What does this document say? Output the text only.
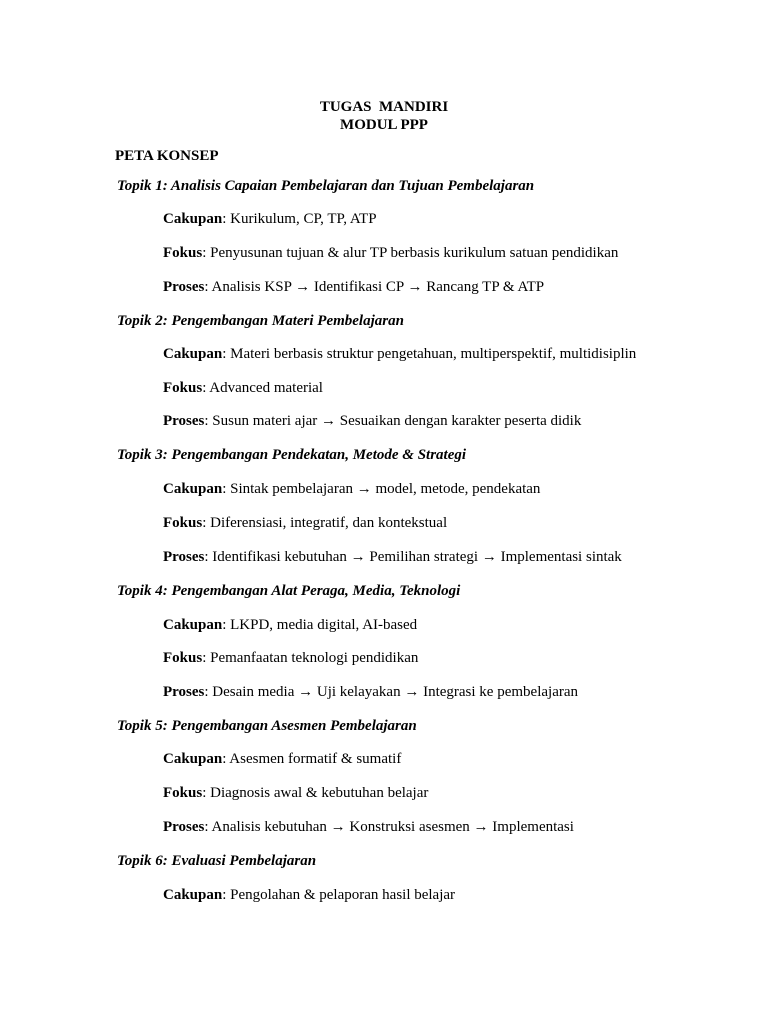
TUGAS  MANDIRI
MODUL PPP
PETA KONSEP
Topik 1: Analisis Capaian Pembelajaran dan Tujuan Pembelajaran
Cakupan: Kurikulum, CP, TP, ATP
Fokus: Penyusunan tujuan & alur TP berbasis kurikulum satuan pendidikan
Proses: Analisis KSP → Identifikasi CP → Rancang TP & ATP
Topik 2: Pengembangan Materi Pembelajaran
Cakupan: Materi berbasis struktur pengetahuan, multiperspektif, multidisiplin
Fokus: Advanced material
Proses: Susun materi ajar → Sesuaikan dengan karakter peserta didik
Topik 3: Pengembangan Pendekatan, Metode & Strategi
Cakupan: Sintak pembelajaran → model, metode, pendekatan
Fokus: Diferensiasi, integratif, dan kontekstual
Proses: Identifikasi kebutuhan → Pemilihan strategi → Implementasi sintak
Topik 4: Pengembangan Alat Peraga, Media, Teknologi
Cakupan: LKPD, media digital, AI-based
Fokus: Pemanfaatan teknologi pendidikan
Proses: Desain media → Uji kelayakan → Integrasi ke pembelajaran
Topik 5: Pengembangan Asesmen Pembelajaran
Cakupan: Asesmen formatif & sumatif
Fokus: Diagnosis awal & kebutuhan belajar
Proses: Analisis kebutuhan → Konstruksi asesmen → Implementasi
Topik 6: Evaluasi Pembelajaran
Cakupan: Pengolahan & pelaporan hasil belajar
